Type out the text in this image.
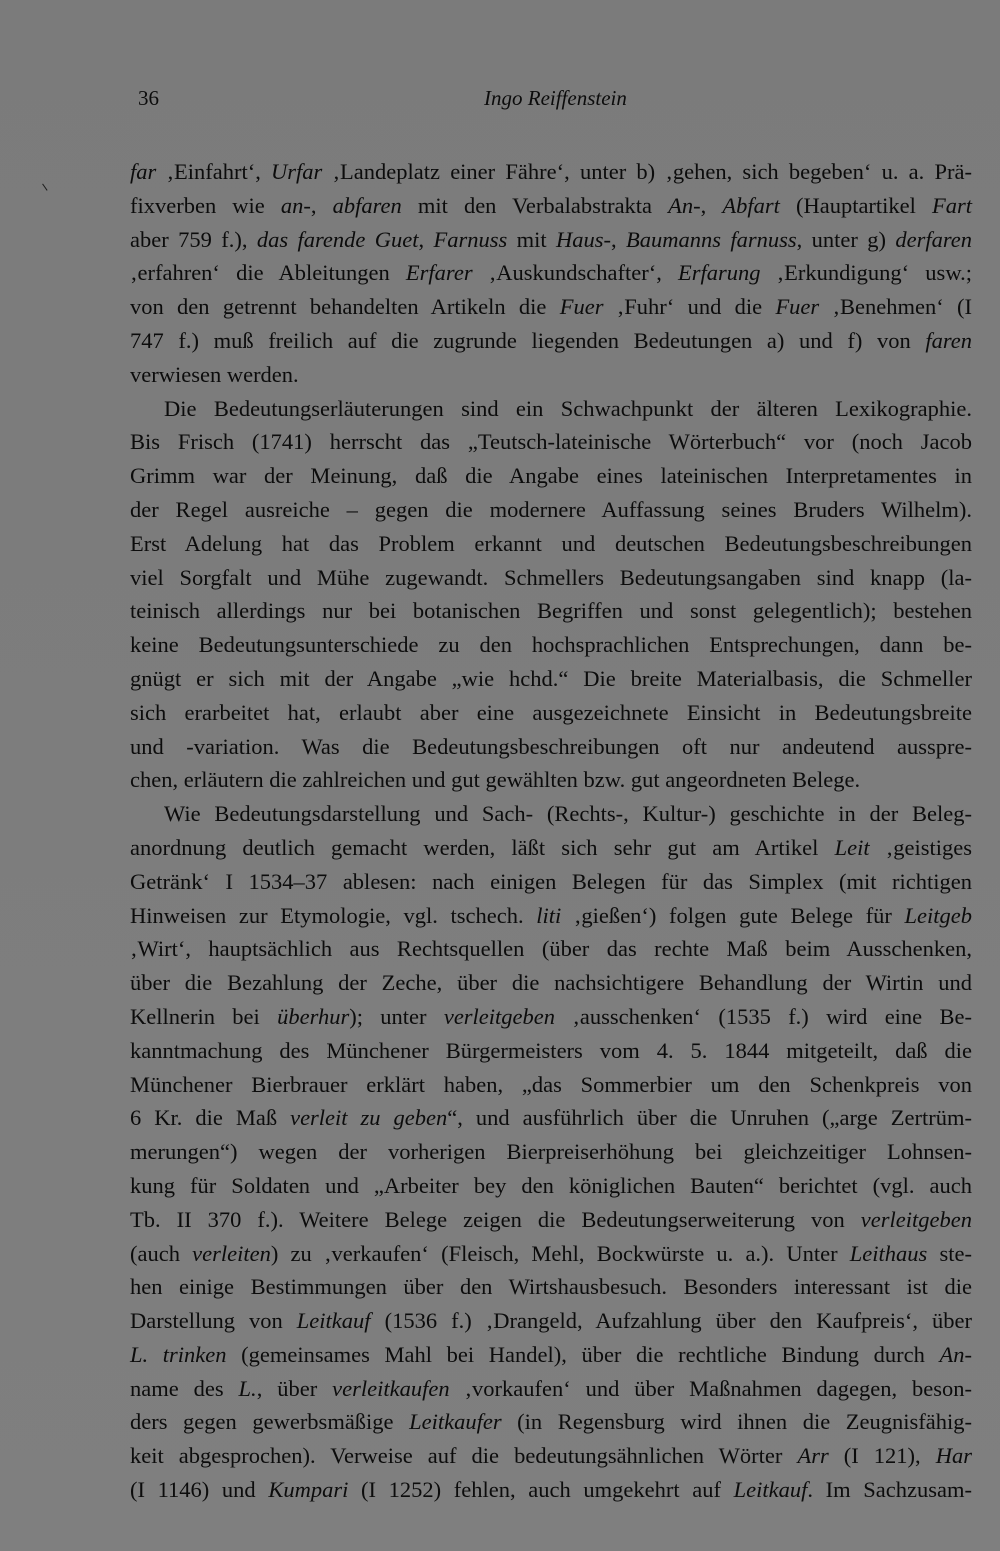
36	Ingo Reiffenstein
far ‚Einfahrt‘, Urfar ‚Landeplatz einer Fähre‘, unter b) ‚gehen, sich begeben‘ u. a. Prä-
fixverben wie an-, abfaren mit den Verbalabstrakta An-, Abfart (Hauptartikel Fart
aber 759 f.), das farende Guet, Farnuss mit Haus-, Baumanns farnuss, unter g) derfaren
‚erfahren‘ die Ableitungen Erfarer ‚Auskundschafter‘, Erfarung ‚Erkundigung‘ usw.;
von den getrennt behandelten Artikeln die Fuer ‚Fuhr‘ und die Fuer ‚Benehmen‘ (I
747 f.) muß freilich auf die zugrunde liegenden Bedeutungen a) und f) von faren
verwiesen werden.
Die Bedeutungserläuterungen sind ein Schwachpunkt der älteren Lexikographie.
Bis Frisch (1741) herrscht das „Teutsch-lateinische Wörterbuch“ vor (noch Jacob
Grimm war der Meinung, daß die Angabe eines lateinischen Interpretamentes in
der Regel ausreiche – gegen die modernere Auffassung seines Bruders Wilhelm).
Erst Adelung hat das Problem erkannt und deutschen Bedeutungsbeschreibungen
viel Sorgfalt und Mühe zugewandt. Schmellers Bedeutungsangaben sind knapp (la-
teinisch allerdings nur bei botanischen Begriffen und sonst gelegentlich); bestehen
keine Bedeutungsunterschiede zu den hochsprachlichen Entsprechungen, dann be-
gnügt er sich mit der Angabe „wie hchd.“ Die breite Materialbasis, die Schmeller
sich erarbeitet hat, erlaubt aber eine ausgezeichnete Einsicht in Bedeutungsbreite
und -variation. Was die Bedeutungsbeschreibungen oft nur andeutend ausspre-
chen, erläutern die zahlreichen und gut gewählten bzw. gut angeordneten Belege.
Wie Bedeutungsdarstellung und Sach- (Rechts-, Kultur-) geschichte in der Beleg-
anordnung deutlich gemacht werden, läßt sich sehr gut am Artikel Leit ‚geistiges
Getränk‘ I 1534–37 ablesen: nach einigen Belegen für das Simplex (mit richtigen
Hinweisen zur Etymologie, vgl. tschech. liti ‚gießen‘) folgen gute Belege für Leitgeb
‚Wirt‘, hauptsächlich aus Rechtsquellen (über das rechte Maß beim Ausschenken,
über die Bezahlung der Zeche, über die nachsichtigere Behandlung der Wirtin und
Kellnerin bei überhur); unter verleitgeben ‚ausschenken‘ (1535 f.) wird eine Be-
kanntmachung des Münchener Bürgermeisters vom 4. 5. 1844 mitgeteilt, daß die
Münchener Bierbrauer erklärt haben, „das Sommerbier um den Schenkpreis von
6 Kr. die Maß verleit zu geben“, und ausführlich über die Unruhen („arge Zertrüm-
merungen“) wegen der vorherigen Bierpreiserhöhung bei gleichzeitiger Lohnsen-
kung für Soldaten und „Arbeiter bey den königlichen Bauten“ berichtet (vgl. auch
Tb. II 370 f.). Weitere Belege zeigen die Bedeutungserweiterung von verleitgeben
(auch verleiten) zu ‚verkaufen‘ (Fleisch, Mehl, Bockwürste u. a.). Unter Leithaus ste-
hen einige Bestimmungen über den Wirtshausbesuch. Besonders interessant ist die
Darstellung von Leitkauf (1536 f.) ‚Drangeld, Aufzahlung über den Kaufpreis‘, über
L. trinken (gemeinsames Mahl bei Handel), über die rechtliche Bindung durch An-
name des L., über verleitkaufen ‚vorkaufen‘ und über Maßnahmen dagegen, beson-
ders gegen gewerbsmäßige Leitkaufer (in Regensburg wird ihnen die Zeugnisfähig-
keit abgesprochen). Verweise auf die bedeutungsähnlichen Wörter Arr (I 121), Har
(I 1146) und Kumpari (I 1252) fehlen, auch umgekehrt auf Leitkauf. Im Sachzusam-
